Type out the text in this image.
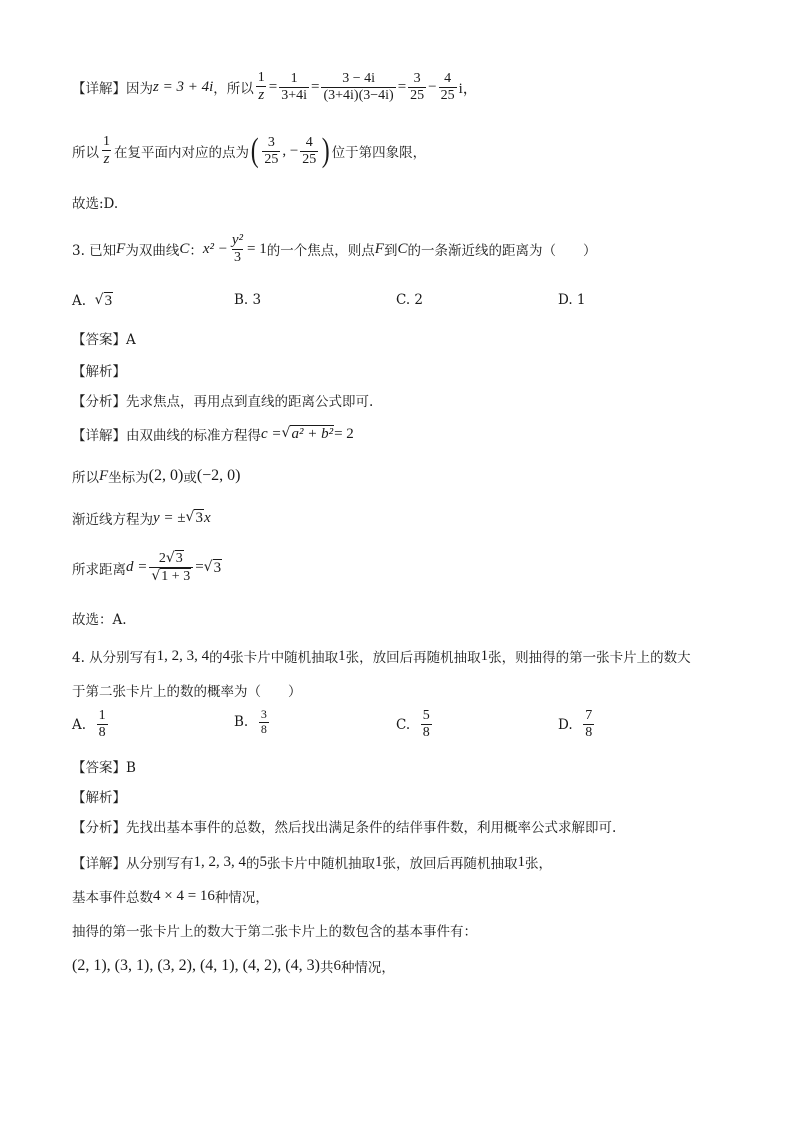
【详解】 因为 z = 3 + 4i ，所以 $\frac{1}{z} = \frac{1}{3+4i} = \frac{3 - 4i}{(3+4i)(3-4i)} = \frac{3}{25} - \frac{4}{25}$ i，
所以 $\frac{1}{z}$ 在复平面内对应的点为 ( $\frac{3}{25}$ , − $\frac{4}{25}$ ) 位于第四象限，
故选:D.
3. 已知 F 为双曲线 C ： $x^2 - \frac{\text{y²}}{3} = 1$ 的一个焦点，则点 F 到 C 的一条渐近线的距离为（　　）
A.
√ 3	B. 3	C. 2	D. 1
【答案】A
【解析】
【分析】先求焦点，再用点到直线的距离公式即可.
【详解】由双曲线的标准方程得 c = √ a² + b² = 2
所以 F 坐标为 (2, 0) 或 (−2, 0)
渐近线方程为 y = ± √ 3 x
所求距离 $d = \frac{2 √ 3}{√ 1 + 3}$ = √ 3
故选：A.
4. 从分别写有 1, 2, 3, 4 的 4 张卡片中随机抽取 1 张，放回后再随机抽取 1 张，则抽得的第一张卡片上的数大
于第二张卡片上的数的概率为（　　）
A.
$\frac{1}{8}$	B.
$\frac{3}{8}$	C.
$\frac{5}{8}$	D.
$\frac{7}{8}$
【答案】B
【解析】
【分析】先找出基本事件的总数，然后找出满足条件的结伴事件数，利用概率公式求解即可.
【详解】从分别写有 1, 2, 3, 4 的 5 张卡片中随机抽取 1 张，放回后再随机抽取 1 张，
基本事件总数 4 × 4 = 16 种情况，
抽得的第一张卡片上的数大于第二张卡片上的数包含的基本事件有：
(2, 1), (3, 1), (3, 2), (4, 1), (4, 2), (4, 3) 共 6 种情况，
